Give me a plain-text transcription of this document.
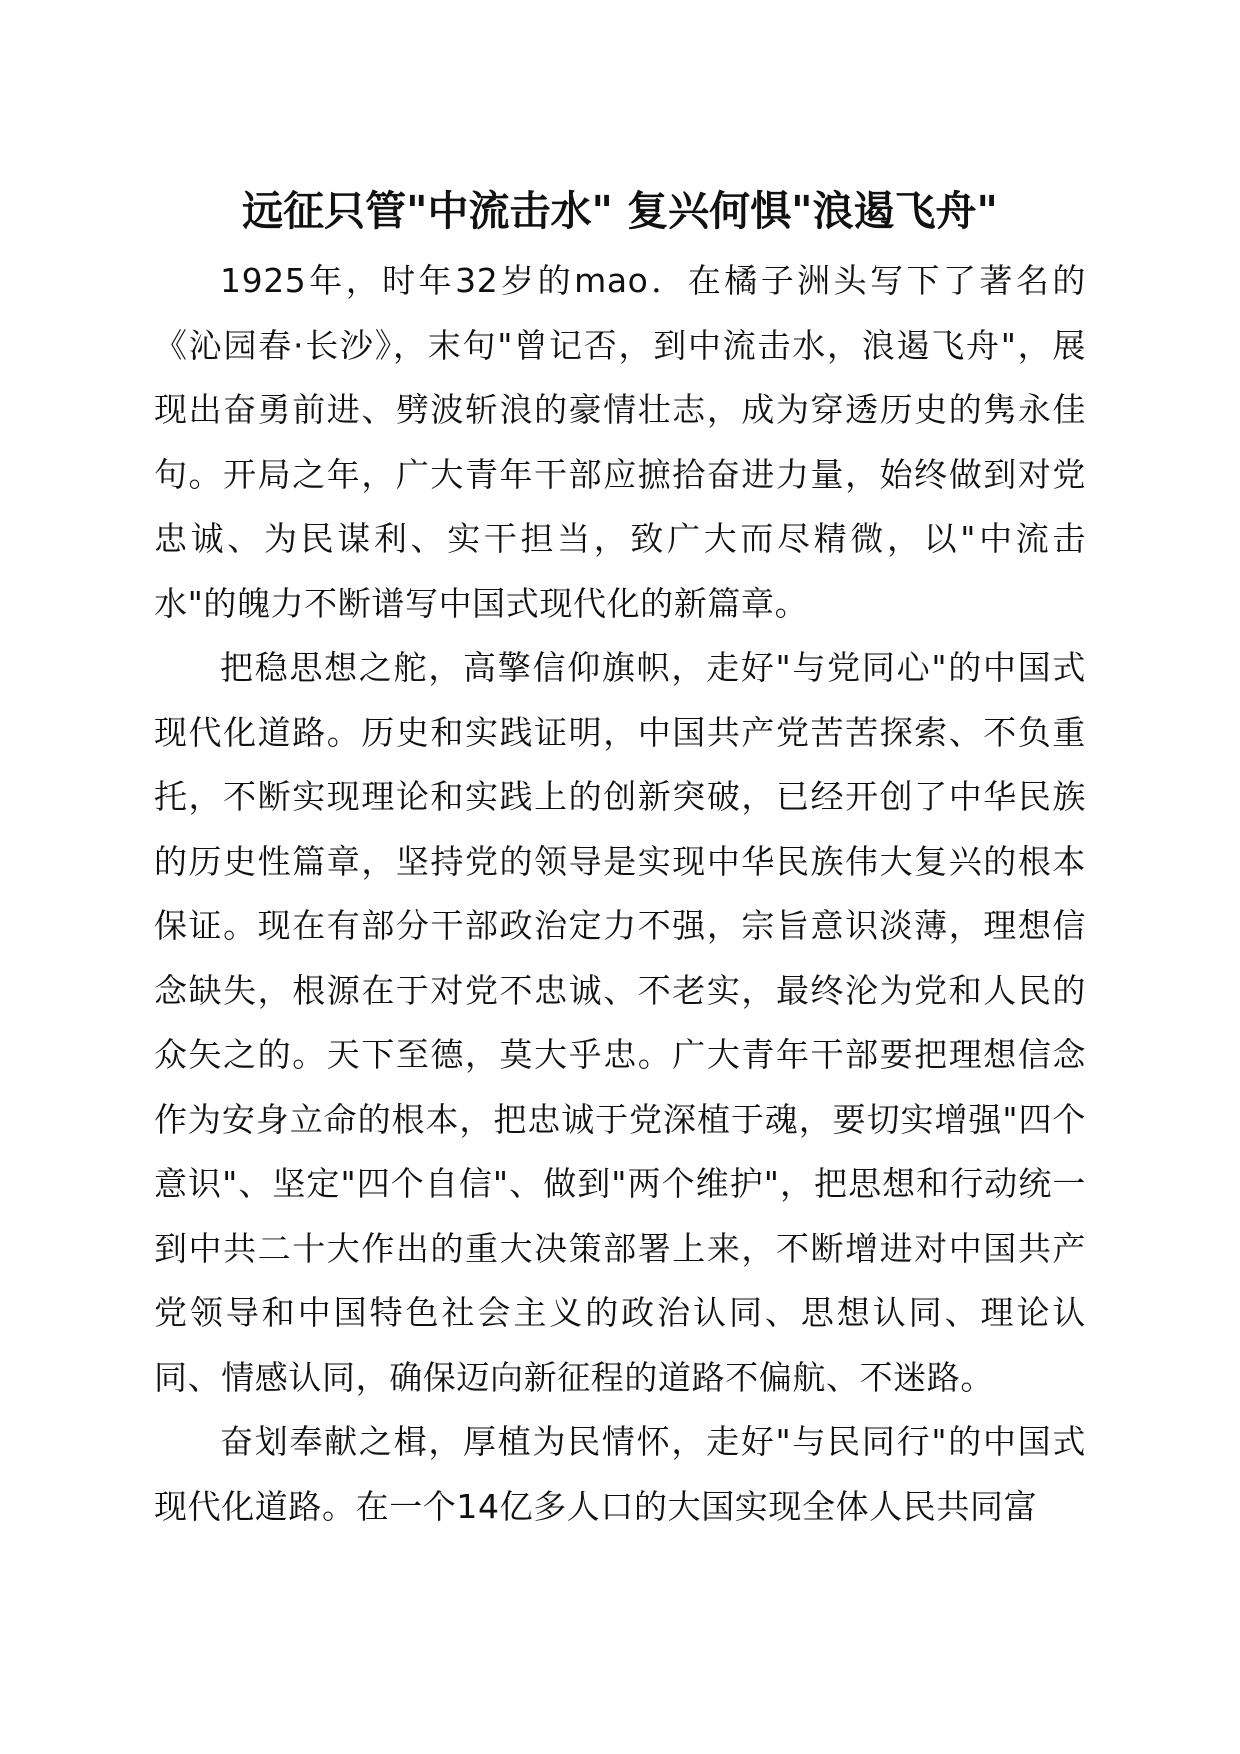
远征只管"中流击水" 复兴何惧"浪遏飞舟"

1925年，时年32岁的mao．在橘子洲头写下了著名的《沁园春·长沙》，末句"曾记否，到中流击水，浪遏飞舟"，展现出奋勇前进、劈波斩浪的豪情壮志，成为穿透历史的隽永佳句。开局之年，广大青年干部应摭拾奋进力量，始终做到对党忠诚、为民谋利、实干担当，致广大而尽精微，以"中流击水"的魄力不断谱写中国式现代化的新篇章。

把稳思想之舵，高擎信仰旗帜，走好"与党同心"的中国式现代化道路。历史和实践证明，中国共产党苦苦探索、不负重托，不断实现理论和实践上的创新突破，已经开创了中华民族的历史性篇章，坚持党的领导是实现中华民族伟大复兴的根本保证。现在有部分干部政治定力不强，宗旨意识淡薄，理想信念缺失，根源在于对党不忠诚、不老实，最终沦为党和人民的众矢之的。天下至德，莫大乎忠。广大青年干部要把理想信念作为安身立命的根本，把忠诚于党深植于魂，要切实增强"四个意识"、坚定"四个自信"、做到"两个维护"，把思想和行动统一到中共二十大作出的重大决策部署上来，不断增进对中国共产党领导和中国特色社会主义的政治认同、思想认同、理论认同、情感认同，确保迈向新征程的道路不偏航、不迷路。

奋划奉献之楫，厚植为民情怀，走好"与民同行"的中国式现代化道路。在一个14亿多人口的大国实现全体人民共同富
